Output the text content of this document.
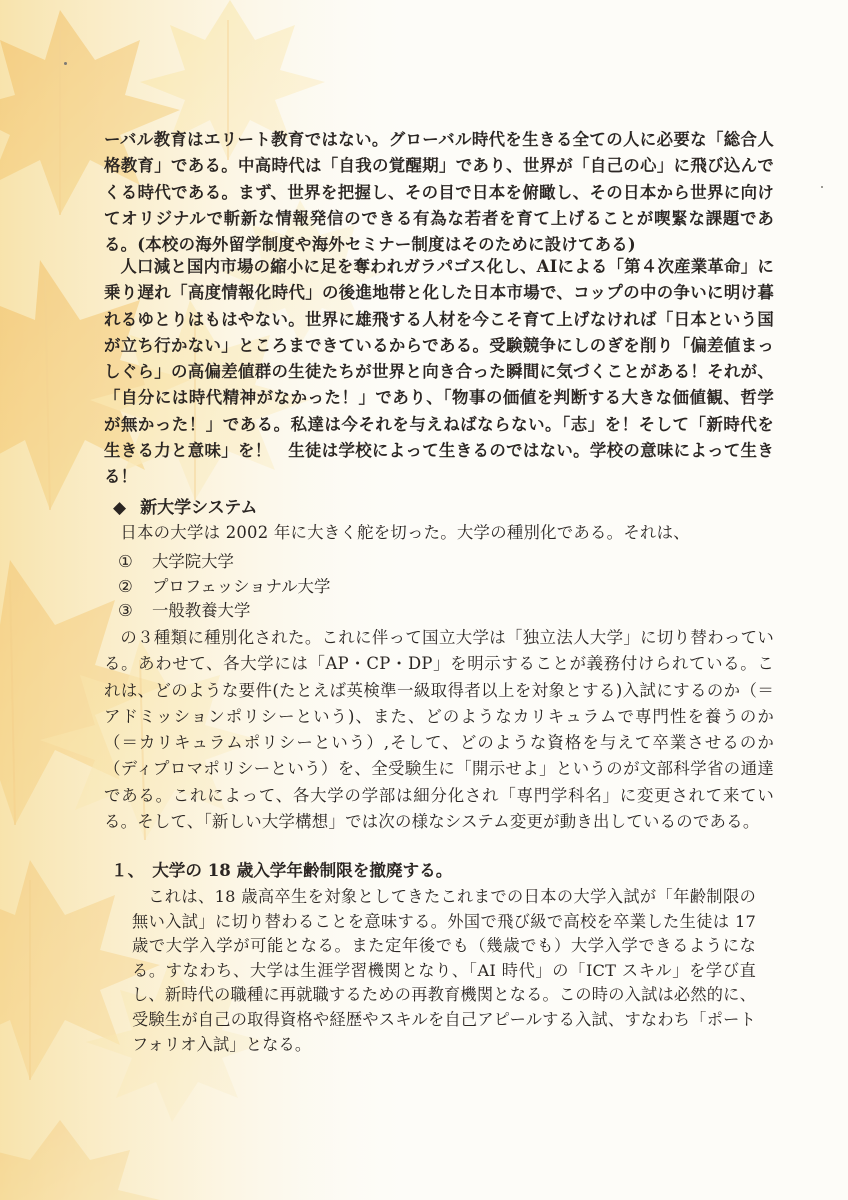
ーバル教育はエリート教育ではない。グローバル時代を生きる全ての人に必要な「総合人格教育」である。中高時代は「自我の覚醒期」であり、世界が「自己の心」に飛び込んでくる時代である。まず、世界を把握し、その目で日本を俯瞰し、その日本から世界に向けてオリジナルで斬新な情報発信のできる有為な若者を育て上げることが喫緊な課題である。(本校の海外留学制度や海外セミナー制度はそのために設けてある)

人口減と国内市場の縮小に足を奪われガラパゴス化し、AIによる「第４次産業革命」に乗り遅れ「高度情報化時代」の後進地帯と化した日本市場で、コップの中の争いに明け暮れるゆとりはもはやない。世界に雄飛する人材を今こそ育て上げなければ「日本という国が立ち行かない」ところまできているからである。受験競争にしのぎを削り「偏差値まっしぐら」の高偏差値群の生徒たちが世界と向き合った瞬間に気づくことがある！それが、「自分には時代精神がなかった！」であり、「物事の価値を判断する大きな価値観、哲学が無かった！」である。私達は今それを与えねばならない。「志」を！そして「新時代を生きる力と意味」を！　生徒は学校によって生きるのではない。学校の意味によって生きる！

◆ 新大学システム

日本の大学は 2002 年に大きく舵を切った。大学の種別化である。それは、

① 大学院大学
② プロフェッショナル大学
③ 一般教養大学

の３種類に種別化された。これに伴って国立大学は「独立法人大学」に切り替わっている。あわせて、各大学には「AP・CP・DP」を明示することが義務付けられている。これは、どのような要件(たとえば英検準一級取得者以上を対象とする)入試にするのか（＝アドミッションポリシーという)、また、どのようなカリキュラムで専門性を養うのか（＝カリキュラムポリシーという）,そして、どのような資格を与えて卒業させるのか（ディプロマポリシーという）を、全受験生に「開示せよ」というのが文部科学省の通達である。これによって、各大学の学部は細分化され「専門学科名」に変更されて来ている。そして、「新しい大学構想」では次の様なシステム変更が動き出しているのである。

１、 大学の 18 歳入学年齢制限を撤廃する。

これは、18 歳高卒生を対象としてきたこれまでの日本の大学入試が「年齢制限の無い入試」に切り替わることを意味する。外国で飛び級で高校を卒業した生徒は 17 歳で大学入学が可能となる。また定年後でも（幾歳でも）大学入学できるようになる。すなわち、大学は生涯学習機関となり、「AI 時代」の「ICT スキル」を学び直し、新時代の職種に再就職するための再教育機関となる。この時の入試は必然的に、受験生が自己の取得資格や経歴やスキルを自己アピールする入試、すなわち「ポートフォリオ入試」となる。
